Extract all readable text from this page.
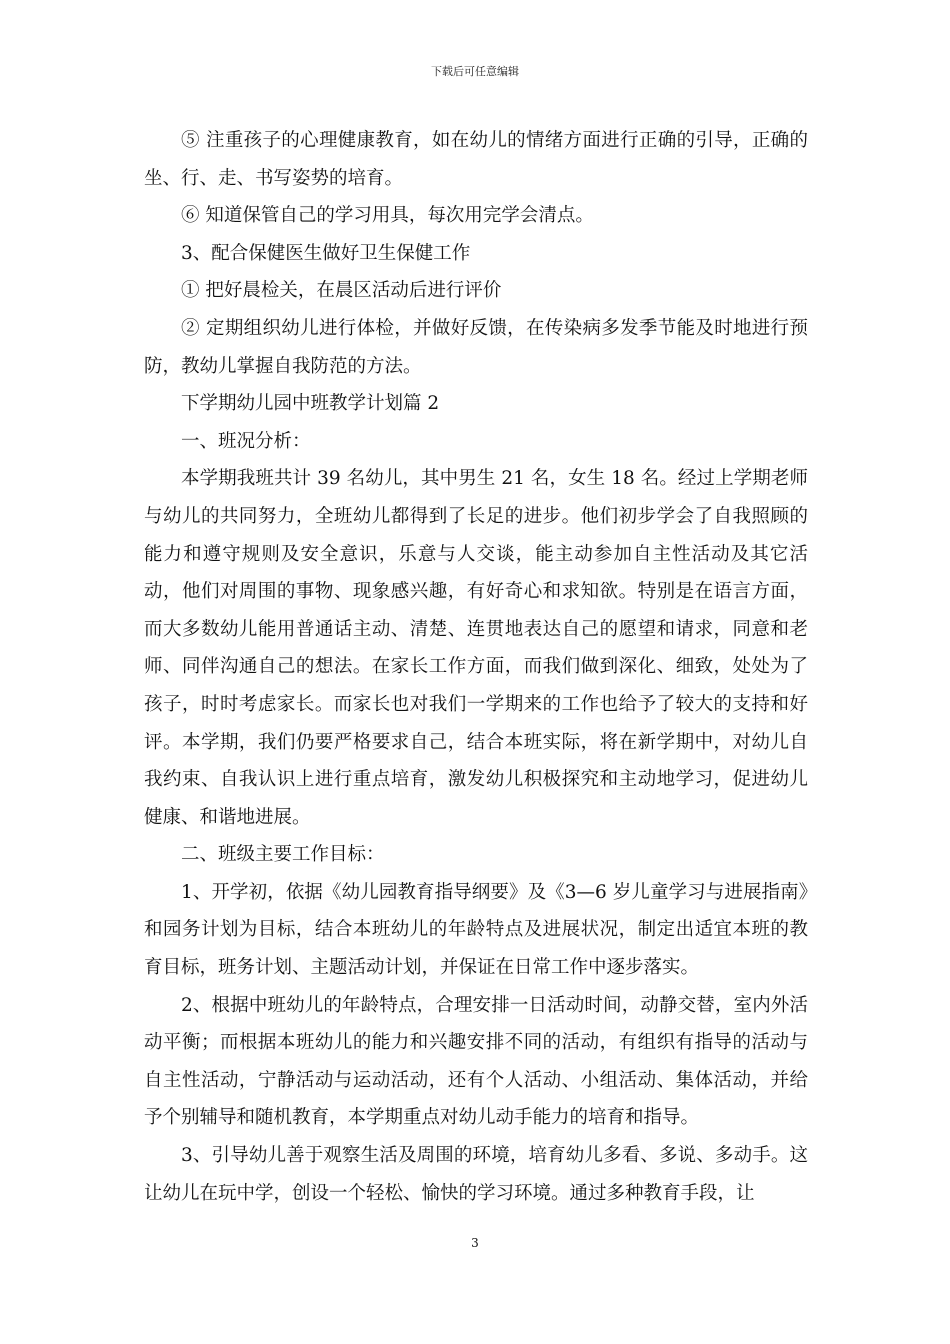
下载后可任意编辑

⑤ 注重孩子的心理健康教育，如在幼儿的情绪方面进行正确的引导，正确的坐、行、走、书写姿势的培育。

⑥ 知道保管自己的学习用具，每次用完学会清点。

3、配合保健医生做好卫生保健工作

① 把好晨检关，在晨区活动后进行评价

② 定期组织幼儿进行体检，并做好反馈，在传染病多发季节能及时地进行预防，教幼儿掌握自我防范的方法。

下学期幼儿园中班教学计划篇 2

一、班况分析：

本学期我班共计 39 名幼儿，其中男生 21 名，女生 18 名。经过上学期老师与幼儿的共同努力，全班幼儿都得到了长足的进步。他们初步学会了自我照顾的能力和遵守规则及安全意识，乐意与人交谈，能主动参加自主性活动及其它活动，他们对周围的事物、现象感兴趣，有好奇心和求知欲。特别是在语言方面，而大多数幼儿能用普通话主动、清楚、连贯地表达自己的愿望和请求，同意和老师、同伴沟通自己的想法。在家长工作方面，而我们做到深化、细致，处处为了孩子，时时考虑家长。而家长也对我们一学期来的工作也给予了较大的支持和好评。本学期，我们仍要严格要求自己，结合本班实际，将在新学期中，对幼儿自我约束、自我认识上进行重点培育，激发幼儿积极探究和主动地学习，促进幼儿健康、和谐地进展。

二、班级主要工作目标：

1、开学初，依据《幼儿园教育指导纲要》及《3—6 岁儿童学习与进展指南》和园务计划为目标，结合本班幼儿的年龄特点及进展状况，制定出适宜本班的教育目标，班务计划、主题活动计划，并保证在日常工作中逐步落实。

2、根据中班幼儿的年龄特点，合理安排一日活动时间，动静交替，室内外活动平衡；而根据本班幼儿的能力和兴趣安排不同的活动，有组织有指导的活动与自主性活动，宁静活动与运动活动，还有个人活动、小组活动、集体活动，并给予个别辅导和随机教育，本学期重点对幼儿动手能力的培育和指导。

3、引导幼儿善于观察生活及周围的环境，培育幼儿多看、多说、多动手。这让幼儿在玩中学，创设一个轻松、愉快的学习环境。通过多种教育手段，让

3
